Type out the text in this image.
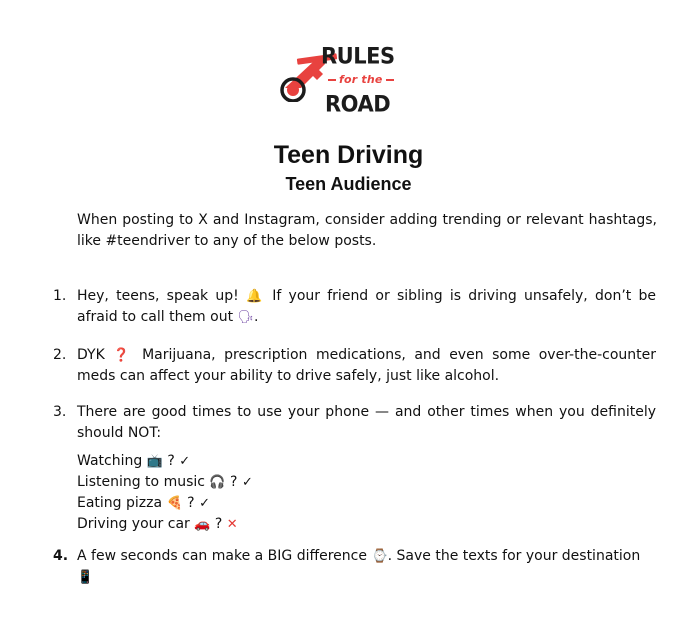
RULES
for the
ROAD
Teen Driving
Teen Audience
When posting to X and Instagram, consider adding trending or relevant hashtags, like #teendriver to any of the below posts.
1. Hey, teens, speak up! 🔔 If your friend or sibling is driving unsafely, don’t be afraid to call them out 🗣.
2. DYK ❓ Marijuana, prescription medications, and even some over-the-counter meds can affect your ability to drive safely, just like alcohol.
3. There are good times to use your phone — and other times when you definitely should NOT:
Watching 📺 ? ✓
Listening to music 🎧 ? ✓
Eating pizza 🍕 ? ✓
Driving your car 🚗 ? ✕
4. A few seconds can make a BIG difference ⌚. Save the texts for your destination 📱
